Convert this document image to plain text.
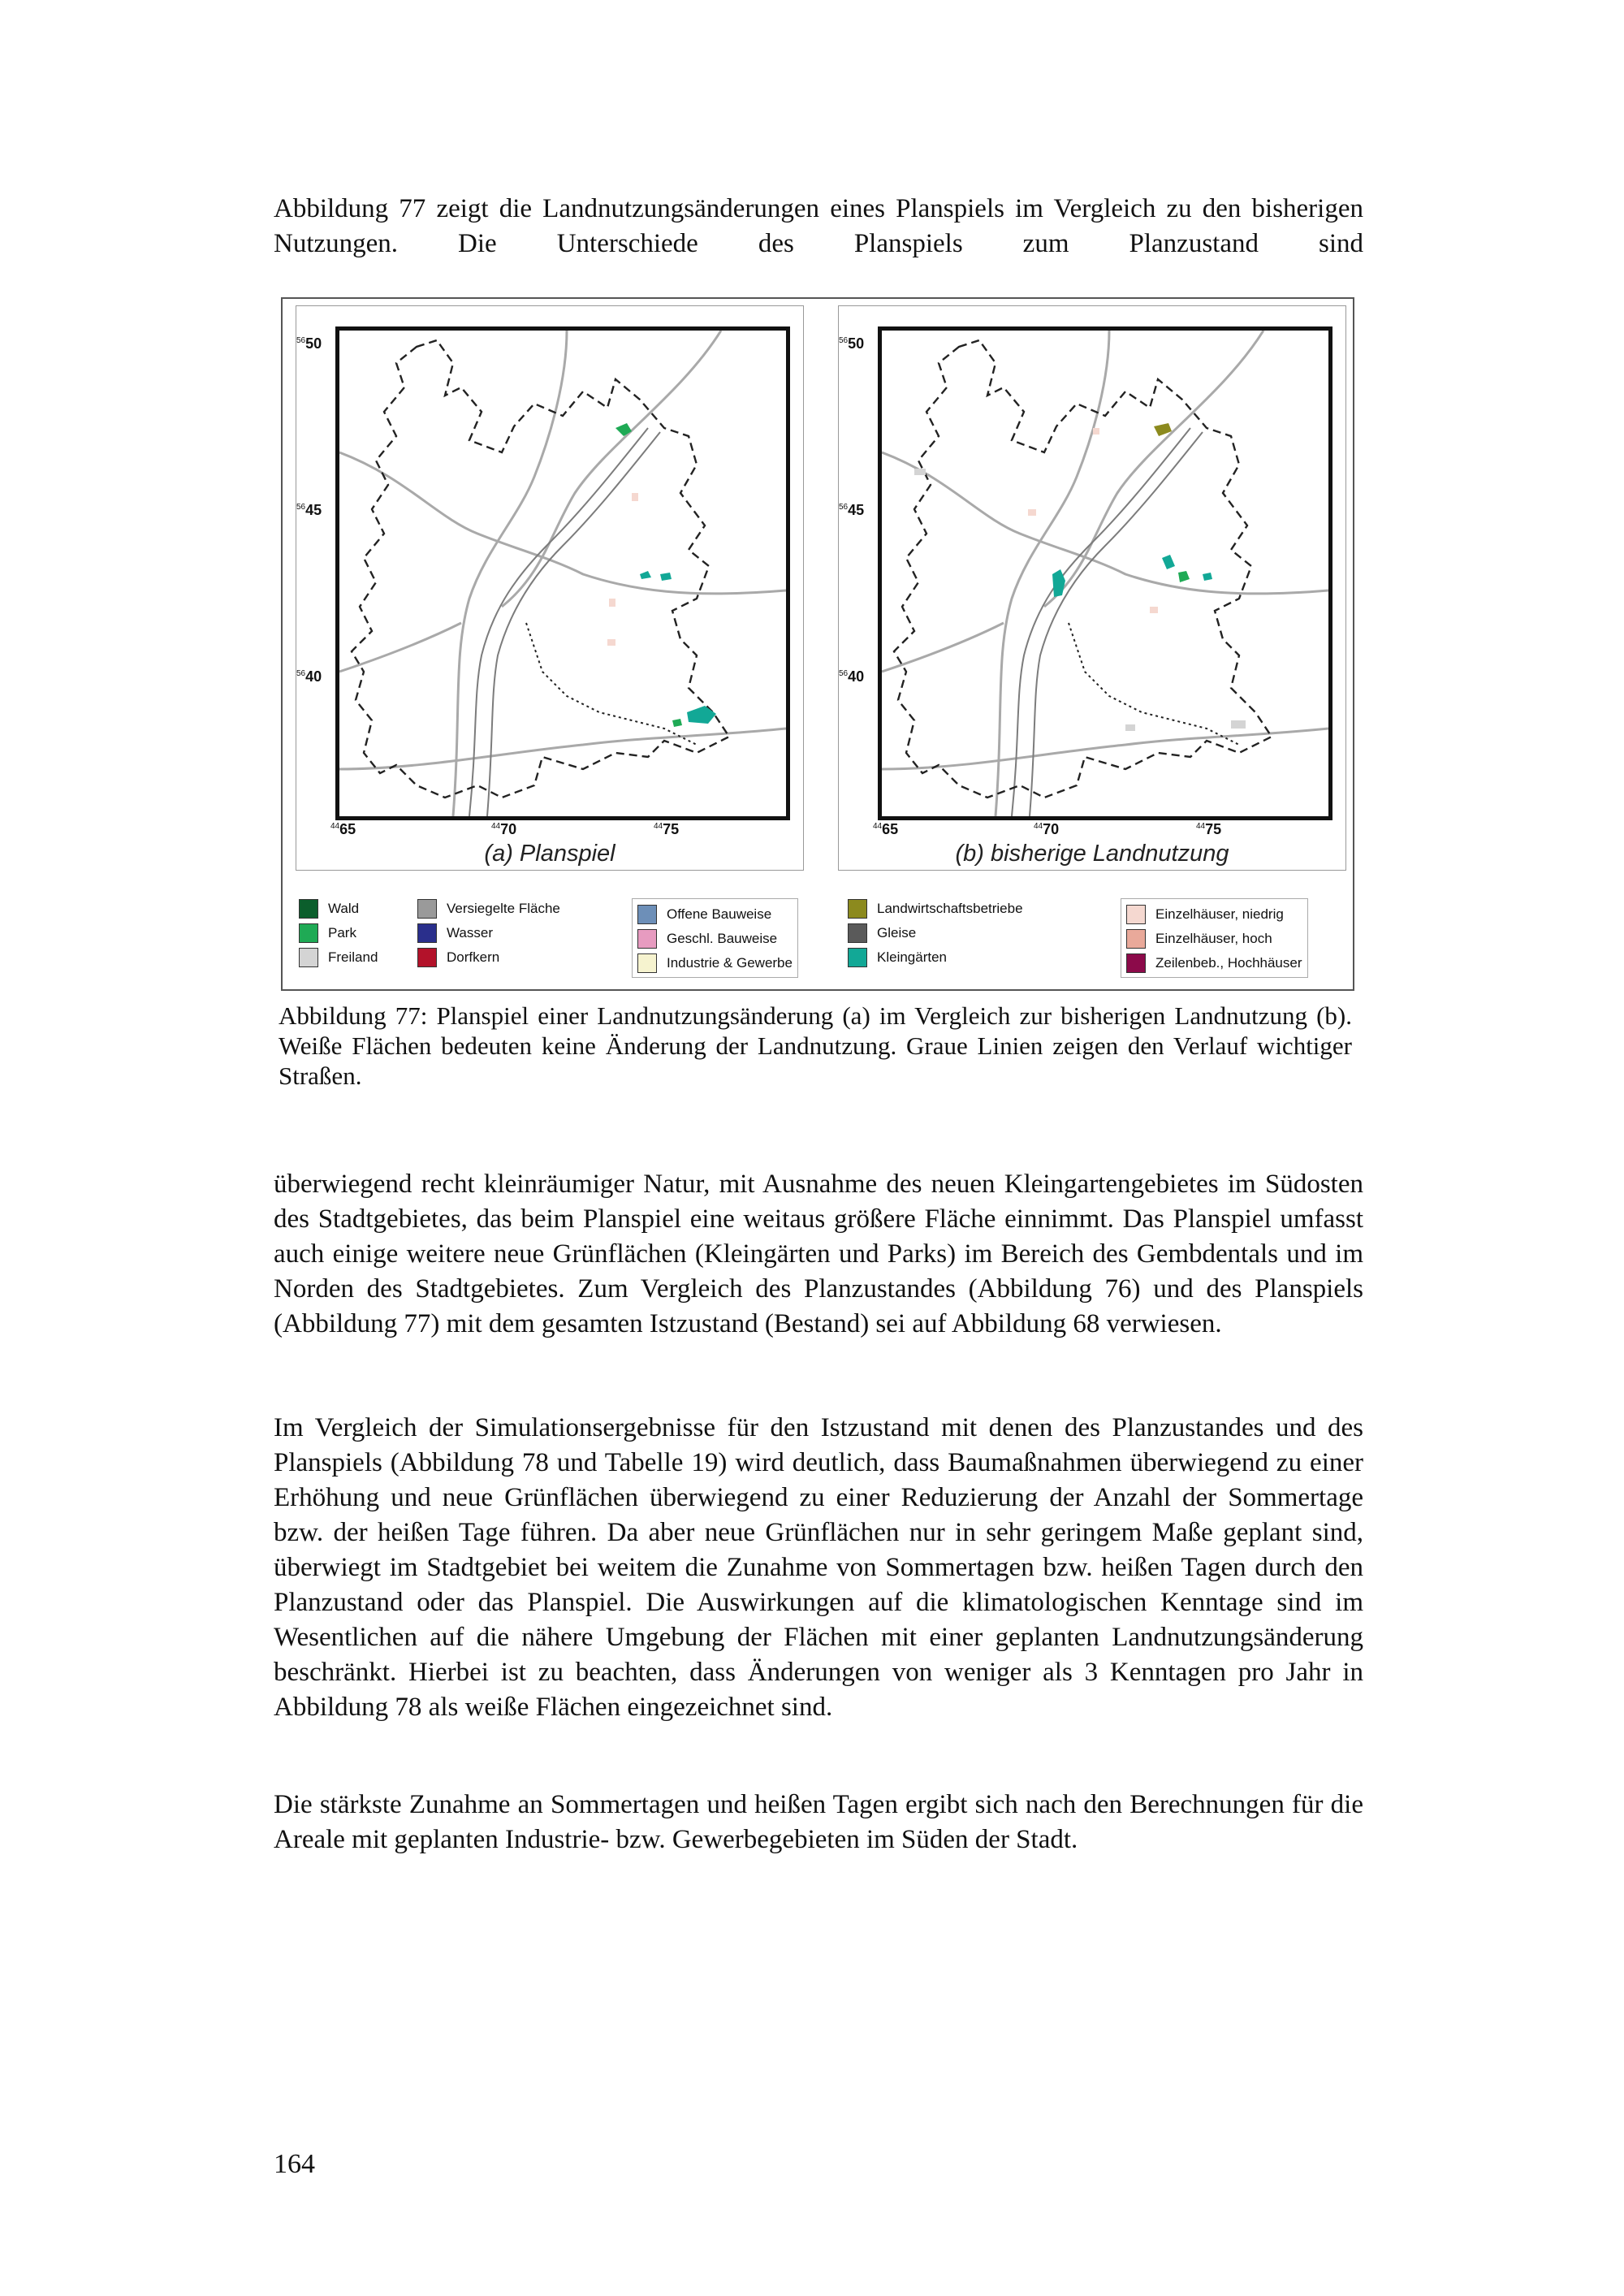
Abbildung 77 zeigt die Landnutzungsänderungen eines Planspiels im Vergleich zu den bisherigen Nutzungen. Die Unterschiede des Planspiels zum Planzustand sind

$^{56}$50
$^{56}$45
$^{56}$40
$^{44}$65	$^{44}$70	$^{44}$75
(a) Planspiel
$^{56}$50
$^{56}$45
$^{56}$40
$^{44}$65	$^{44}$70	$^{44}$75
(b) bisherige Landnutzung
Wald
Park
Freiland
Versiegelte Fläche
Wasser
Dorfkern
Offene Bauweise
Geschl. Bauweise
Industrie & Gewerbe
Landwirtschaftsbetriebe
Gleise
Kleingärten
Einzelhäuser, niedrig
Einzelhäuser, hoch
Zeilenbeb., Hochhäuser

Abbildung 77: Planspiel einer Landnutzungsänderung (a) im Vergleich zur bisherigen Landnutzung (b). Weiße Flächen bedeuten keine Änderung der Landnutzung. Graue Linien zeigen den Verlauf wichtiger Straßen.

überwiegend recht kleinräumiger Natur, mit Ausnahme des neuen Kleingartengebietes im Südosten des Stadtgebietes, das beim Planspiel eine weitaus größere Fläche einnimmt. Das Planspiel umfasst auch einige weitere neue Grünflächen (Kleingärten und Parks) im Bereich des Gembdentals und im Norden des Stadtgebietes. Zum Vergleich des Planzustandes (Abbildung 76) und des Planspiels (Abbildung 77) mit dem gesamten Istzustand (Bestand) sei auf Abbildung 68 verwiesen.

Im Vergleich der Simulationsergebnisse für den Istzustand mit denen des Planzustandes und des Planspiels (Abbildung 78 und Tabelle 19) wird deutlich, dass Baumaßnahmen überwiegend zu einer Erhöhung und neue Grünflächen überwiegend zu einer Reduzierung der Anzahl der Sommertage bzw. der heißen Tage führen. Da aber neue Grünflächen nur in sehr geringem Maße geplant sind, überwiegt im Stadtgebiet bei weitem die Zunahme von Sommertagen bzw. heißen Tagen durch den Planzustand oder das Planspiel. Die Auswirkungen auf die klimatologischen Kenntage sind im Wesentlichen auf die nähere Umgebung der Flächen mit einer geplanten Landnutzungsänderung beschränkt. Hierbei ist zu beachten, dass Änderungen von weniger als 3 Kenntagen pro Jahr in Abbildung 78 als weiße Flächen eingezeichnet sind.

Die stärkste Zunahme an Sommertagen und heißen Tagen ergibt sich nach den Berechnungen für die Areale mit geplanten Industrie- bzw. Gewerbegebieten im Süden der Stadt.

164
